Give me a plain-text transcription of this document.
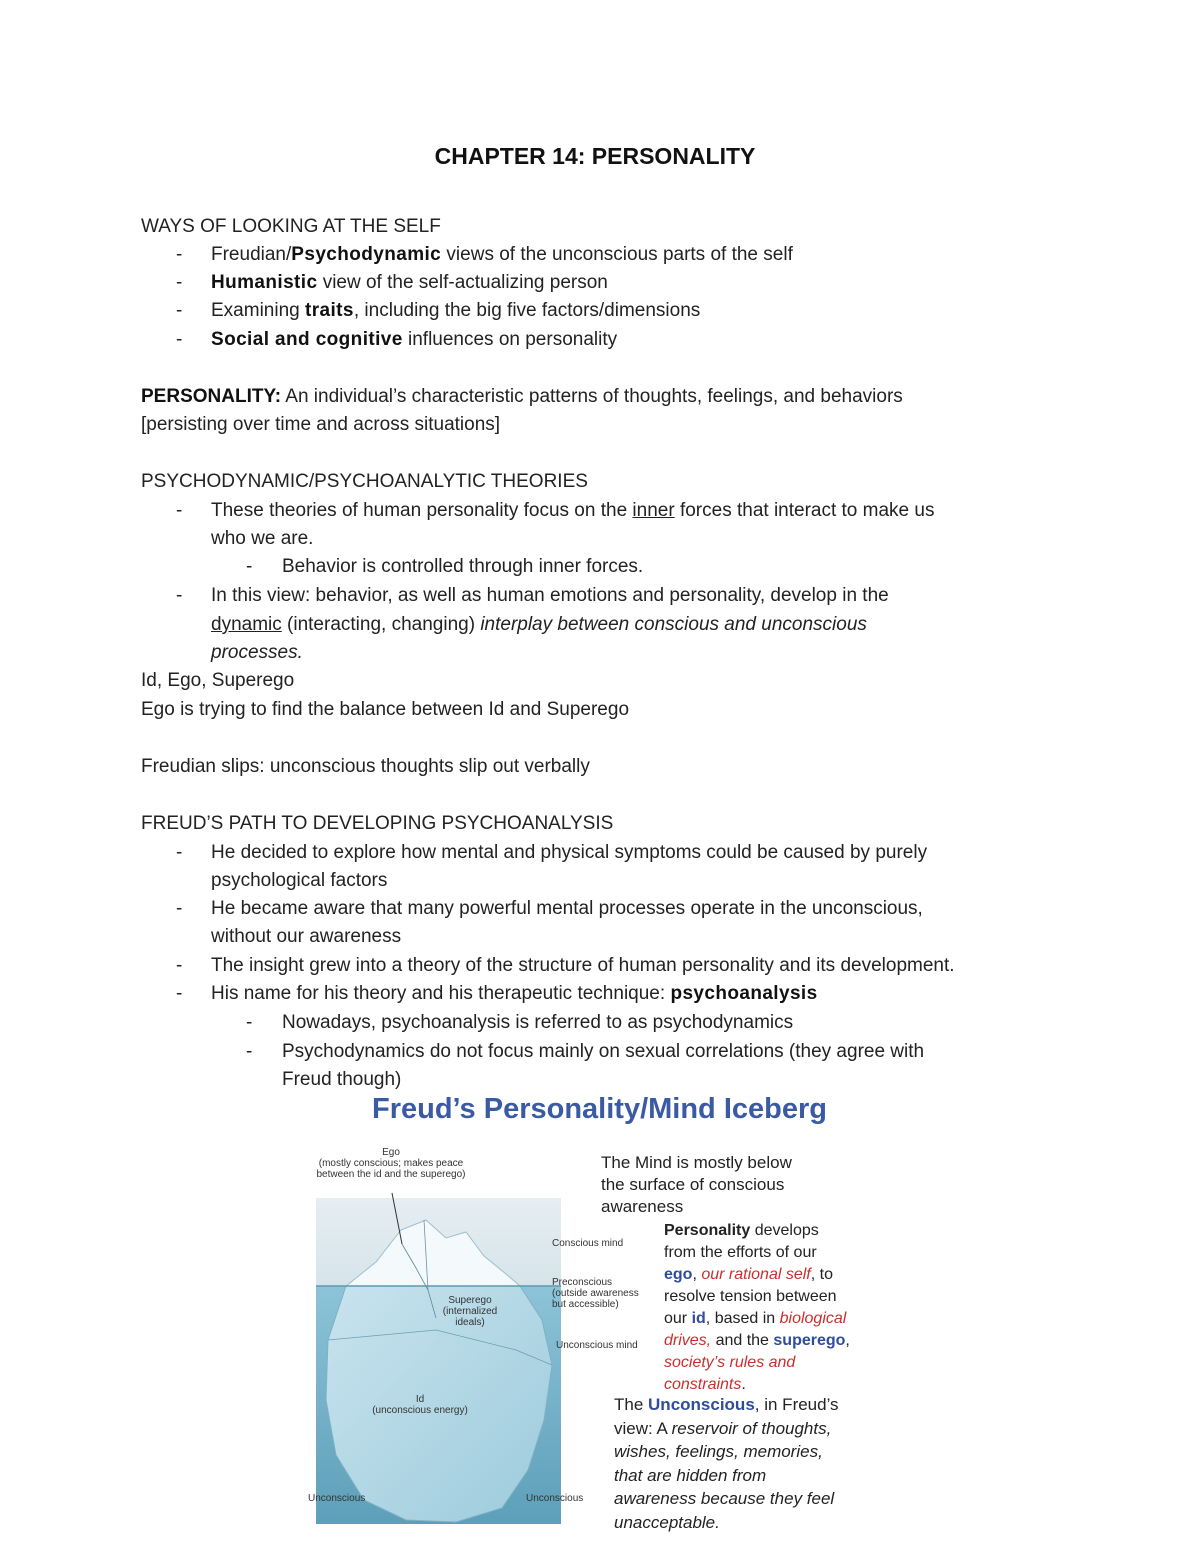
CHAPTER 14: PERSONALITY
WAYS OF LOOKING AT THE SELF
- Freudian/Psychodynamic views of the unconscious parts of the self
- Humanistic view of the self-actualizing person
- Examining traits, including the big five factors/dimensions
- Social and cognitive influences on personality
PERSONALITY: An individual’s characteristic patterns of thoughts, feelings, and behaviors
[persisting over time and across situations]
PSYCHODYNAMIC/PSYCHOANALYTIC THEORIES
- These theories of human personality focus on the inner forces that interact to make us
who we are.
- Behavior is controlled through inner forces.
- In this view: behavior, as well as human emotions and personality, develop in the
dynamic (interacting, changing) interplay between conscious and unconscious
processes.
Id, Ego, Superego
Ego is trying to find the balance between Id and Superego
Freudian slips: unconscious thoughts slip out verbally
FREUD’S PATH TO DEVELOPING PSYCHOANALYSIS
- He decided to explore how mental and physical symptoms could be caused by purely
psychological factors
- He became aware that many powerful mental processes operate in the unconscious,
without our awareness
- The insight grew into a theory of the structure of human personality and its development.
- His name for his theory and his therapeutic technique: psychoanalysis
- Nowadays, psychoanalysis is referred to as psychodynamics
- Psychodynamics do not focus mainly on sexual correlations (they agree with
Freud though)
Freud’s Personality/Mind Iceberg
Ego
(mostly conscious; makes peace
between the id and the superego)
Conscious mind
Preconscious
(outside awareness
but accessible)
Unconscious mind
Superego
(internalized
ideals)
Id
(unconscious energy)
Unconscious	Unconscious
The Mind is mostly below
the surface of conscious
awareness
Personality develops
from the efforts of our
ego, our rational self, to
resolve tension between
our id, based in biological
drives, and the superego,
society’s rules and
constraints.
The Unconscious, in Freud’s
view: A reservoir of thoughts,
wishes, feelings, memories,
that are hidden from
awareness because they feel
unacceptable.
